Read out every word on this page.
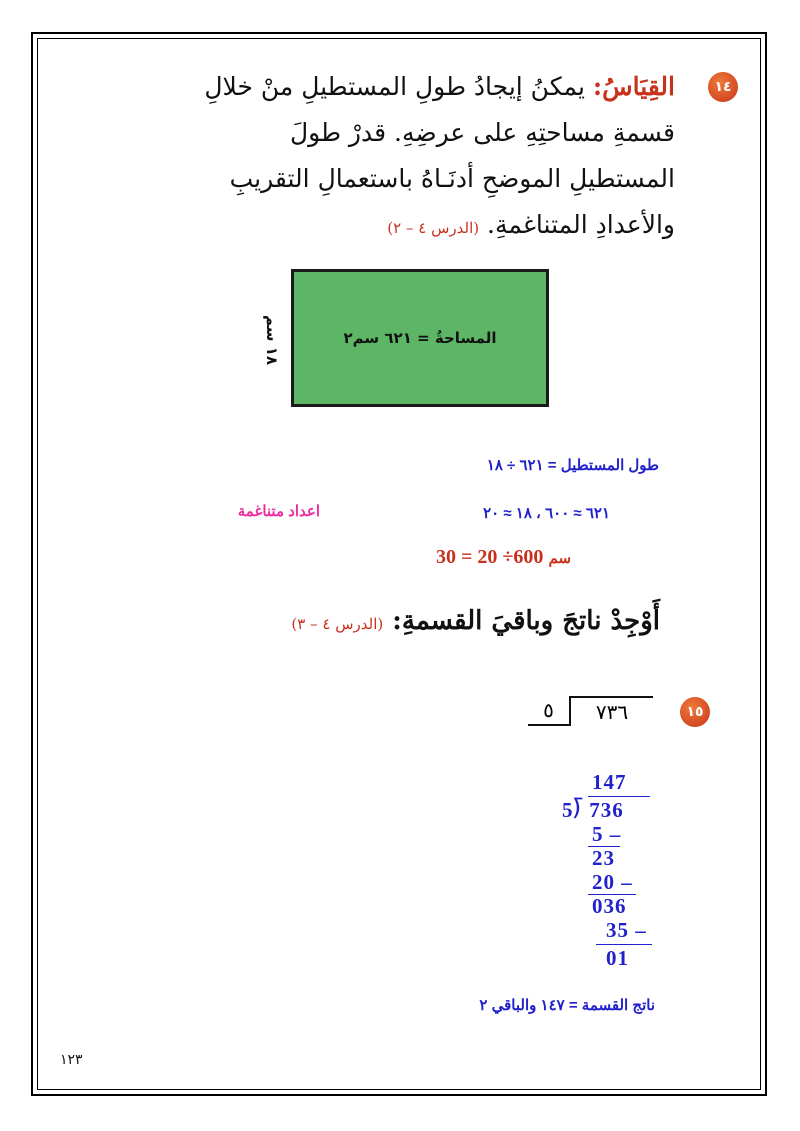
١٤
القِيَاسُ: يمكنُ إيجادُ طولِ المستطيلِ منْ خلالِ قسمةِ مساحتِهِ على عرضِهِ. قدرْ طولَ المستطيلِ الموضحِ أدنَـاهُ باستعمالِ التقريبِ والأعدادِ المتناغمةِ. (الدرس ٤ – ٢)
١٨ سم
المساحةُ = ٦٢١ سم٢
طول المستطيل = ٦٢١ ÷ ١٨
٦٢١ ≈ ٦٠٠ ، ١٨ ≈ ٢٠
اعداد متناغمة
سم 600÷ 20 = 30
أَوْجِدْ ناتجَ وباقيَ القسمةِ: (الدرس ٤ – ٣)
١٥
٥	٧٣٦
147
5⟌ 736
5 –
23
20 –
036
35 –
01
ناتج القسمة = ١٤٧ والباقي ٢
١٢٣
